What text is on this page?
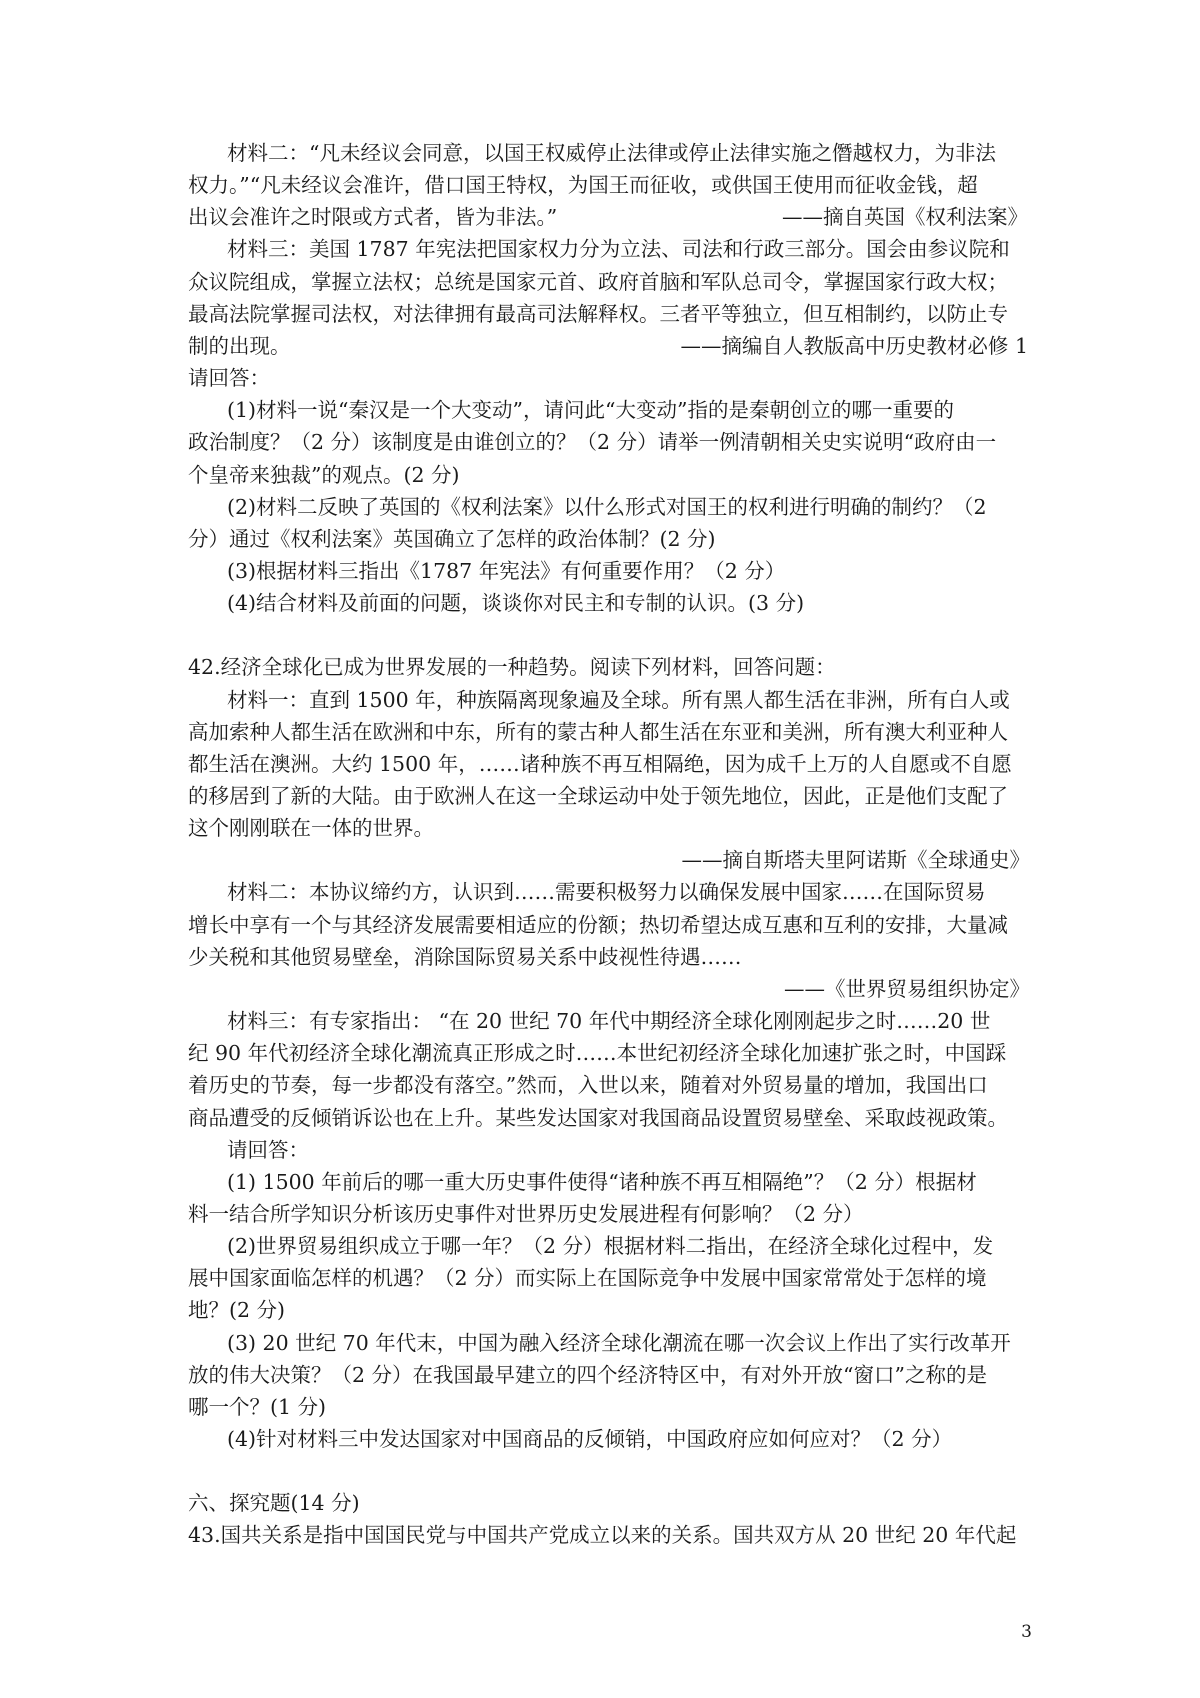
材料二：“凡未经议会同意，以国王权威停止法律或停止法律实施之僭越权力，为非法
权力。”“凡未经议会准许，借口国王特权，为国王而征收，或供国王使用而征收金钱，超
出议会准许之时限或方式者，皆为非法。”	——摘自英国《权利法案》
材料三：美国 1787 年宪法把国家权力分为立法、司法和行政三部分。国会由参议院和
众议院组成，掌握立法权；总统是国家元首、政府首脑和军队总司令，掌握国家行政大权；
最高法院掌握司法权，对法律拥有最高司法解释权。三者平等独立，但互相制约，以防止专
制的出现。	——摘编自人教版高中历史教材必修 1
请回答：
(1)材料一说“秦汉是一个大变动”，请问此“大变动”指的是秦朝创立的哪一重要的
政治制度？（2 分）该制度是由谁创立的？（2 分）请举一例清朝相关史实说明“政府由一
个皇帝来独裁”的观点。(2 分)
(2)材料二反映了英国的《权利法案》以什么形式对国王的权利进行明确的制约？（2
分）通过《权利法案》英国确立了怎样的政治体制？(2 分)
(3)根据材料三指出《1787 年宪法》有何重要作用？（2 分）
(4)结合材料及前面的问题，谈谈你对民主和专制的认识。(3 分)
42.经济全球化已成为世界发展的一种趋势。阅读下列材料，回答问题：
材料一：直到 1500 年，种族隔离现象遍及全球。所有黑人都生活在非洲，所有白人或
高加索种人都生活在欧洲和中东，所有的蒙古种人都生活在东亚和美洲，所有澳大利亚种人
都生活在澳洲。大约 1500 年，……诸种族不再互相隔绝，因为成千上万的人自愿或不自愿
的移居到了新的大陆。由于欧洲人在这一全球运动中处于领先地位，因此，正是他们支配了
这个刚刚联在一体的世界。
——摘自斯塔夫里阿诺斯《全球通史》
材料二：本协议缔约方，认识到……需要积极努力以确保发展中国家……在国际贸易
增长中享有一个与其经济发展需要相适应的份额；热切希望达成互惠和互利的安排，大量减
少关税和其他贸易壁垒，消除国际贸易关系中歧视性待遇……
——《世界贸易组织协定》
材料三：有专家指出： “在 20 世纪 70 年代中期经济全球化刚刚起步之时……20 世
纪 90 年代初经济全球化潮流真正形成之时……本世纪初经济全球化加速扩张之时，中国踩
着历史的节奏，每一步都没有落空。”然而，入世以来，随着对外贸易量的增加，我国出口
商品遭受的反倾销诉讼也在上升。某些发达国家对我国商品设置贸易壁垒、采取歧视政策。
请回答：
(1) 1500 年前后的哪一重大历史事件使得“诸种族不再互相隔绝”？（2 分）根据材
料一结合所学知识分析该历史事件对世界历史发展进程有何影响？（2 分）
(2)世界贸易组织成立于哪一年？（2 分）根据材料二指出，在经济全球化过程中，发
展中国家面临怎样的机遇？（2 分）而实际上在国际竞争中发展中国家常常处于怎样的境
地？(2 分)
(3) 20 世纪 70 年代末，中国为融入经济全球化潮流在哪一次会议上作出了实行改革开
放的伟大决策？（2 分）在我国最早建立的四个经济特区中，有对外开放“窗口”之称的是
哪一个？(1 分)
(4)针对材料三中发达国家对中国商品的反倾销，中国政府应如何应对？（2 分）
六、探究题(14 分)
43.国共关系是指中国国民党与中国共产党成立以来的关系。国共双方从 20 世纪 20 年代起
3
